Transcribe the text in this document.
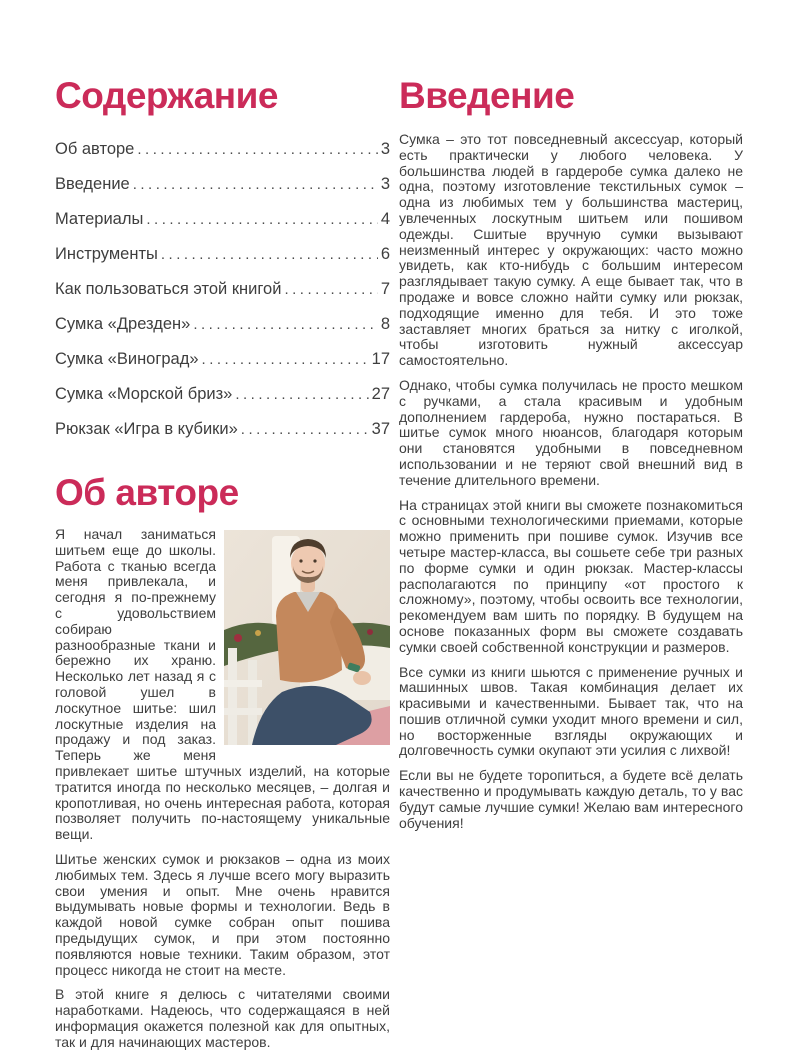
Содержание
Об авторе .....	3
Введение .....	3
Материалы .....	4
Инструменты .....	6
Как пользоваться этой книгой .....	7
Сумка «Дрезден» .....	8
Сумка «Виноград» .....	17
Сумка «Морской бриз» .....	27
Рюкзак «Игра в кубики» .....	37
Об авторе

Я начал заниматься шитьем еще до школы. Работа с тканью всегда меня привлекала, и сегодня я по-прежнему с удовольствием собираю разнообразные ткани и бережно их храню. Несколько лет назад я с головой ушел в лоскутное шитье: шил лоскутные изделия на продажу и под заказ. Теперь же меня привлекает шитье штучных изделий, на которые тратится иногда по несколько месяцев, – долгая и кропотливая, но очень интересная работа, которая позволяет получить по-настоящему уникальные вещи.

Шитье женских сумок и рюкзаков – одна из моих любимых тем. Здесь я лучше всего могу выразить свои умения и опыт. Мне очень нравится выдумывать новые формы и технологии. Ведь в каждой новой сумке собран опыт пошива предыдущих сумок, и при этом постоянно появляются новые техники. Таким образом, этот процесс никогда не стоит на месте.

В этой книге я делюсь с читателями своими наработками. Надеюсь, что содержащаяся в ней информация окажется полезной как для опытных, так и для начинающих мастеров.

Введение

Сумка – это тот повседневный аксессуар, который есть практически у любого человека. У большинства людей в гардеробе сумка далеко не одна, поэтому изготовление текстильных сумок – одна из любимых тем у большинства мастериц, увлеченных лоскутным шитьем или пошивом одежды. Сшитые вручную сумки вызывают неизменный интерес у окружающих: часто можно увидеть, как кто-нибудь с большим интересом разглядывает такую сумку. А еще бывает так, что в продаже и вовсе сложно найти сумку или рюкзак, подходящие именно для тебя. И это тоже заставляет многих браться за нитку с иголкой, чтобы изготовить нужный аксессуар самостоятельно.

Однако, чтобы сумка получилась не просто мешком с ручками, а стала красивым и удобным дополнением гардероба, нужно постараться. В шитье сумок много нюансов, благодаря которым они становятся удобными в повседневном использовании и не теряют свой внешний вид в течение длительного времени.

На страницах этой книги вы сможете познакомиться с основными технологическими приемами, которые можно применить при пошиве сумок. Изучив все четыре мастер-класса, вы сошьете себе три разных по форме сумки и один рюкзак. Мастер-классы располагаются по принципу «от простого к сложному», поэтому, чтобы освоить все технологии, рекомендуем вам шить по порядку. В будущем на основе показанных форм вы сможете создавать сумки своей собственной конструкции и размеров.

Все сумки из книги шьются с применение ручных и машинных швов. Такая комбинация делает их красивыми и качественными. Бывает так, что на пошив отличной сумки уходит много времени и сил, но восторженные взгляды окружающих и долговечность сумки окупают эти усилия с лихвой!

Если вы не будете торопиться, а будете всё делать качественно и продумывать каждую деталь, то у вас будут самые лучшие сумки! Желаю вам интересного обучения!
